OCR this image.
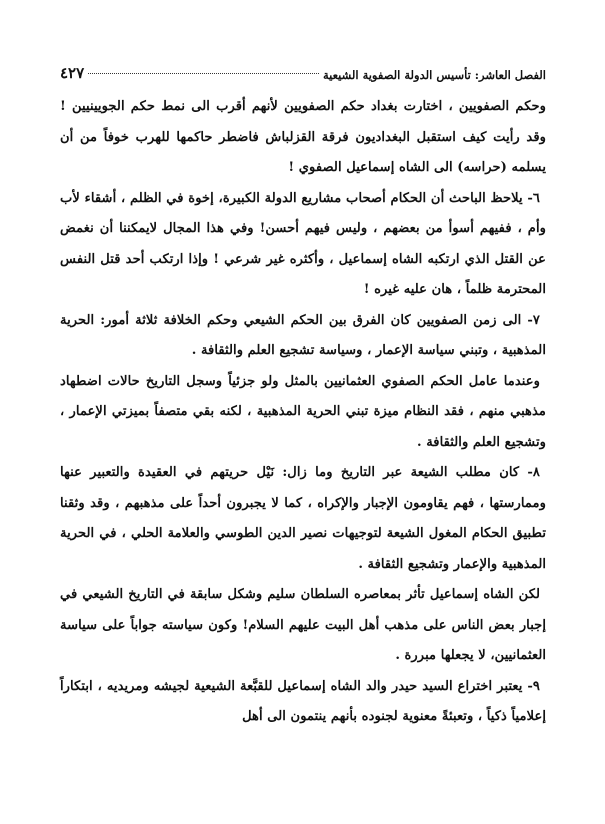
٤٢٧	الفصل العاشر: تأسيس الدولة الصفوية الشيعية

وحكم الصفويين ، اختارت بغداد حكم الصفويين لأنهم أقرب الى نمط حكم الجويينيين ! وقد رأيت كيف استقبل البغداديون فرقة القزلباش فاضطر حاكمها للهرب خوفاً من أن يسلمه (حراسه) الى الشاه إسماعيل الصفوي !

٦- يلاحظ الباحث أن الحكام أصحاب مشاريع الدولة الكبيرة، إخوة في الظلم ، أشقاء لأب وأم ، ففيهم أسوأ من بعضهم ، وليس فيهم أحسن! وفي هذا المجال لايمكننا أن نغمض عن القتل الذي ارتكبه الشاه إسماعيل ، وأكثره غير شرعي ! وإذا ارتكب أحد قتل النفس المحترمة ظلماً ، هان عليه غيره !

٧- الى زمن الصفويين كان الفرق بين الحكم الشيعي وحكم الخلافة ثلاثة أمور: الحرية المذهبية ، وتبني سياسة الإعمار ، وسياسة تشجيع العلم والثقافة .

وعندما عامل الحكم الصفوي العثمانيين بالمثل ولو جزئياً وسجل التاريخ حالات اضطهاد مذهبي منهم ، فقد النظام ميزة تبني الحرية المذهبية ، لكنه بقي متصفاً بميزتي الإعمار ، وتشجيع العلم والثقافة .

٨- كان مطلب الشيعة عبر التاريخ وما زال: نَيْل حريتهم في العقيدة والتعبير عنها وممارستها ، فهم يقاومون الإجبار والإكراه ، كما لا يجبرون أحداً على مذهبهم ، وقد وثقنا تطبيق الحكام المغول الشيعة لتوجيهات نصير الدين الطوسي والعلامة الحلي ، في الحرية المذهبية والإعمار وتشجيع الثقافة .

لكن الشاه إسماعيل تأثر بمعاصره السلطان سليم وشكل سابقة في التاريخ الشيعي في إجبار بعض الناس على مذهب أهل البيت عليهم السلام! وكون سياسته جواباً على سياسة العثمانيين، لا يجعلها مبررة .

٩- يعتبر اختراع السيد حيدر والد الشاه إسماعيل للقبَّعة الشيعية لجيشه ومريديه ، ابتكاراً إعلامياً ذكياً ، وتعبئةً معنوية لجنوده بأنهم ينتمون الى أهل
